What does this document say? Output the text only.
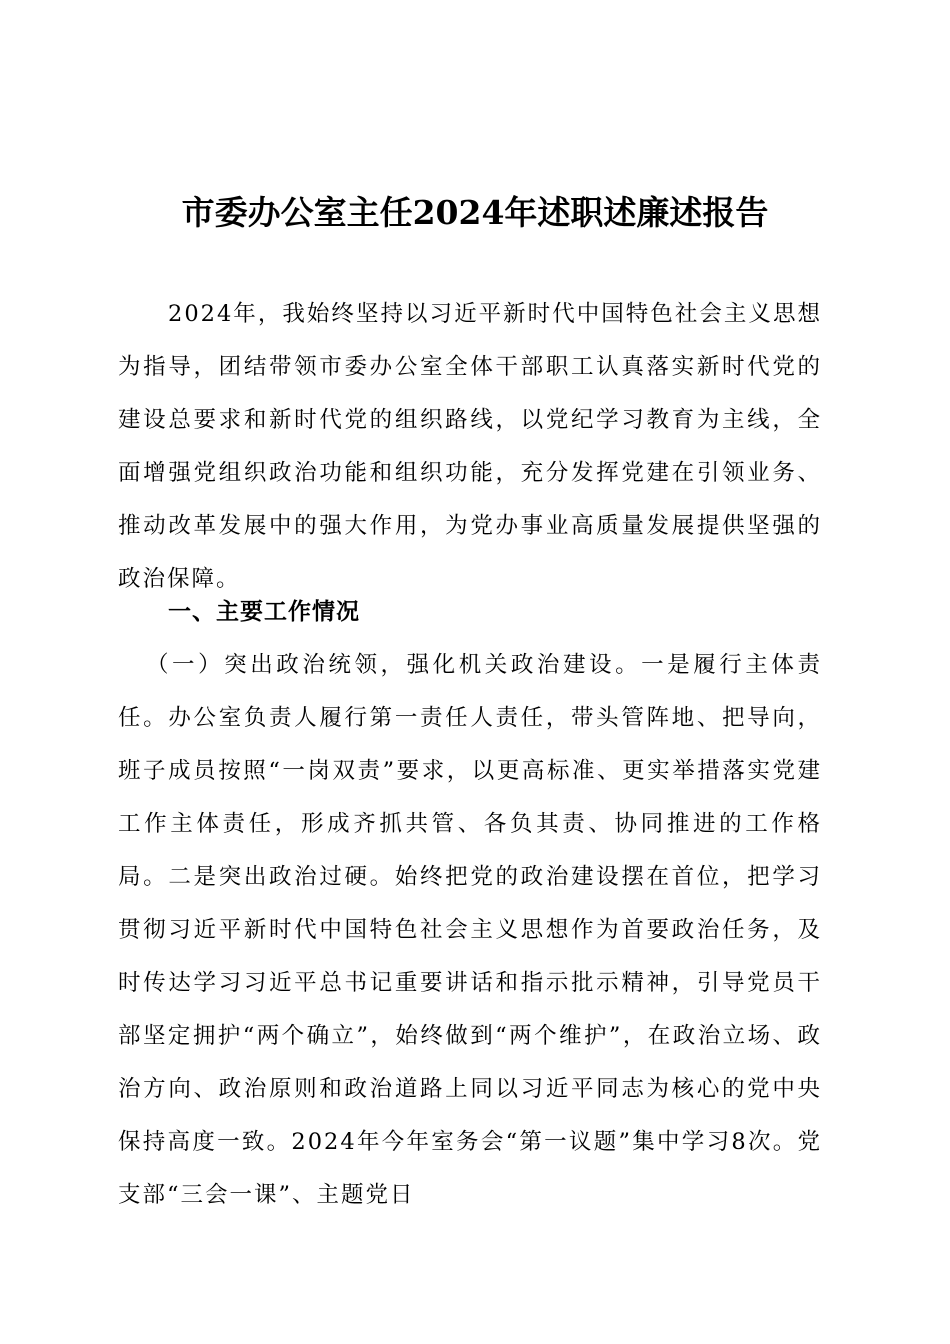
市委办公室主任2024年述职述廉述报告

2024年，我始终坚持以习近平新时代中国特色社会主义思想为指导，团结带领市委办公室全体干部职工认真落实新时代党的建设总要求和新时代党的组织路线，以党纪学习教育为主线，全面增强党组织政治功能和组织功能，充分发挥党建在引领业务、推动改革发展中的强大作用，为党办事业高质量发展提供坚强的政治保障。

一、主要工作情况

（一）突出政治统领，强化机关政治建设。一是履行主体责任。办公室负责人履行第一责任人责任，带头管阵地、把导向，班子成员按照“一岗双责”要求，以更高标准、更实举措落实党建工作主体责任，形成齐抓共管、各负其责、协同推进的工作格局。二是突出政治过硬。始终把党的政治建设摆在首位，把学习贯彻习近平新时代中国特色社会主义思想作为首要政治任务，及时传达学习习近平总书记重要讲话和指示批示精神，引导党员干部坚定拥护“两个确立”，始终做到“两个维护”，在政治立场、政治方向、政治原则和政治道路上同以习近平同志为核心的党中央保持高度一致。2024年今年室务会“第一议题”集中学习8次。党支部“三会一课”、主题党日
